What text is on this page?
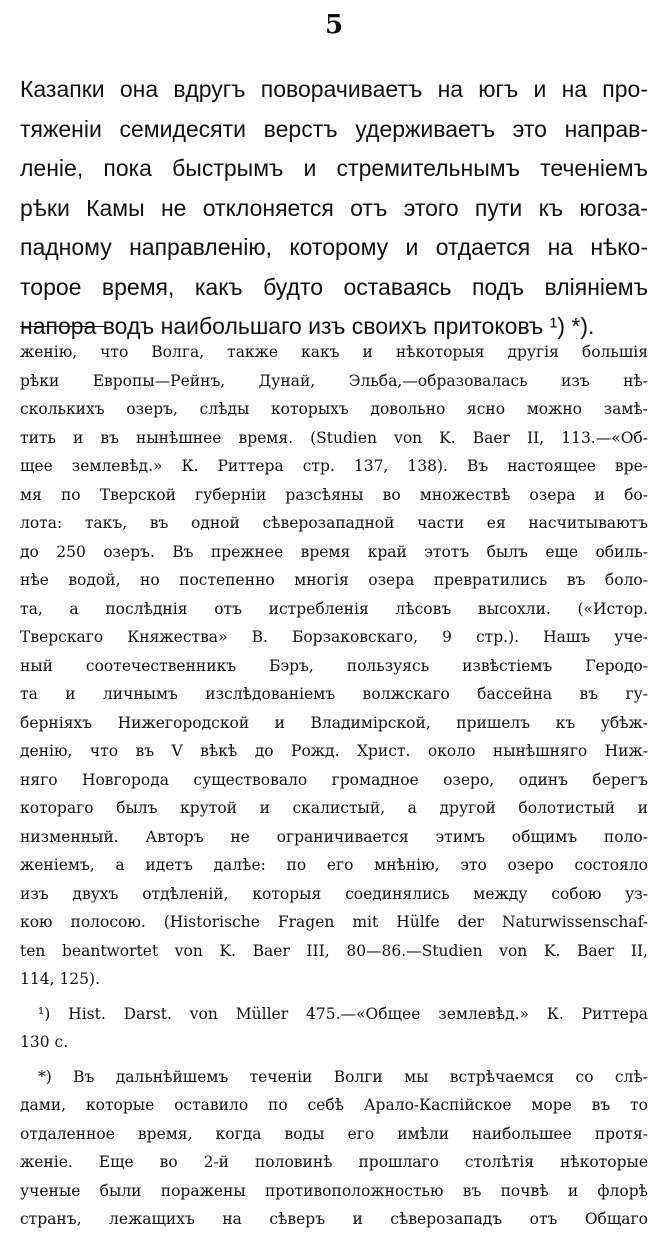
5

Казапки она вдругъ поворачиваетъ на югъ и на про-
тяженіи семидесяти верстъ удерживаетъ это направ-
леніе, пока быстрымъ и стремительнымъ теченіемъ
рѣки Камы не отклоняется отъ этого пути къ югоза-
падному направленію, которому и отдается на нѣко-
торое время, какъ будто оставаясь подъ вліяніемъ
напора водъ наибольшаго изъ своихъ притоковъ ¹) *).

женію, что Волга, также какъ и нѣкоторыя другія большія
рѣки Европы—Рейнъ, Дунай, Эльба,—образовалась изъ нѣ-
сколькихъ озеръ, слѣды которыхъ довольно ясно можно замѣ-
тить и въ нынѣшнее время. (Studien von K. Baer II, 113.—«Об-
щее землевѣд.» К. Риттера стр. 137, 138). Въ настоящее вре-
мя по Тверской губерніи разсѣяны во множествѣ озера и бо-
лота: такъ, въ одной сѣверозападной части ея насчитываютъ
до 250 озеръ. Въ прежнее время край этотъ былъ еще обиль-
нѣе водой, но постепенно многія озера превратились въ боло-
та, а послѣднія отъ истребленія лѣсовъ высохли. («Истор.
Тверскаго Княжества» В. Борзаковскаго, 9 стр.). Нашъ уче-
ный соотечественникъ Бэръ, пользуясь извѣстіемъ Геродо-
та и личнымъ изслѣдованіемъ волжскаго бассейна въ гу-
берніяхъ Нижегородской и Владимірской, пришелъ къ убѣж-
денію, что въ V вѣкѣ до Рожд. Христ. около нынѣшняго Ниж-
няго Новгорода существовало громадное озеро, одинъ берегъ
котораго былъ крутой и скалистый, а другой болотистый и
низменный. Авторъ не ограничивается этимъ общимъ поло-
женіемъ, а идетъ далѣе: по его мнѣнію, это озеро состояло
изъ двухъ отдѣленій, которыя соединялись между собою уз-
кою полосою. (Historische Fragen mit Hülfe der Naturwissenschaf-
ten beantwortet von K. Baer III, 80—86.—Studien von K. Baer II,
114, 125).
¹) Hist. Darst. von Müller 475.—«Общее землевѣд.» К. Риттера
130 с.
*) Въ дальнѣйшемъ теченіи Волги мы встрѣчаемся со слѣ-
дами, которые оставило по себѣ Арало-Каспійское море въ то
отдаленное время, когда воды его имѣли наибольшее протя-
женіе. Еще во 2-й половинѣ прошлаго столѣтія нѣкоторые
ученые были поражены противоположностью въ почвѣ и флорѣ
странъ, лежащихъ на сѣверъ и сѣверозападъ отъ Общаго
